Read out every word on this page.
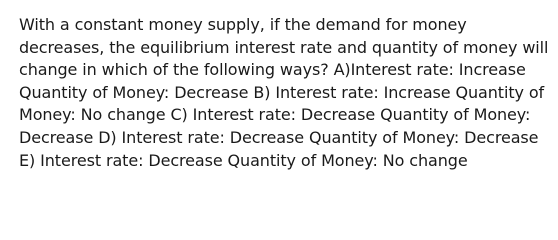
With a constant money supply, if the demand for money decreases, the equilibrium interest rate and quantity of money will change in which of the following ways? A)Interest rate: Increase Quantity of Money: Decrease B) Interest rate: Increase Quantity of Money: No change C) Interest rate: Decrease Quantity of Money: Decrease D) Interest rate: Decrease Quantity of Money: Decrease E) Interest rate: Decrease Quantity of Money: No change
